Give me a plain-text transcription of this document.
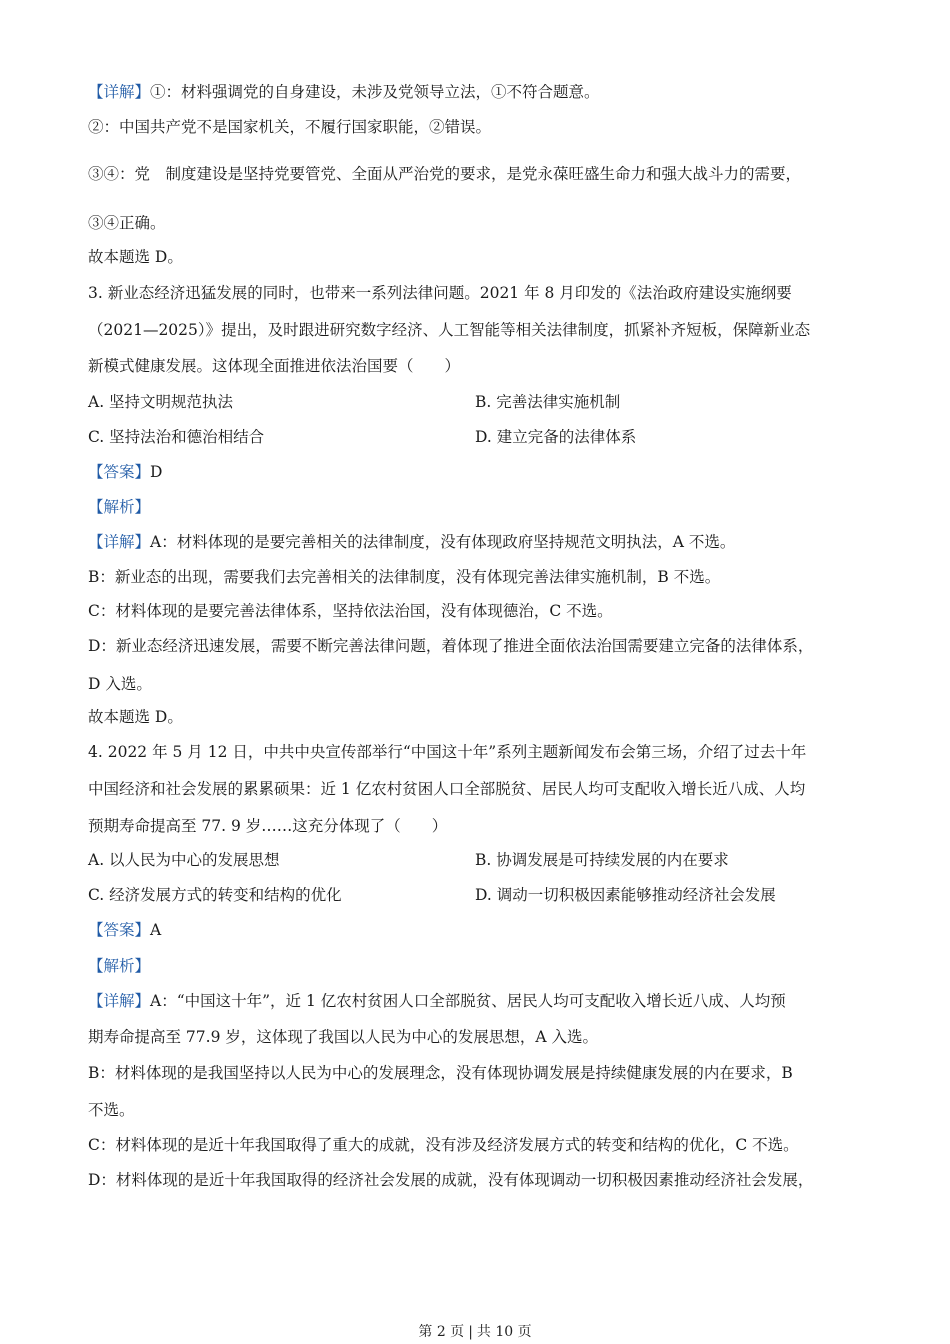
【详解】①：材料强调党的自身建设，未涉及党领导立法，①不符合题意。
②：中国共产党不是国家机关，不履行国家职能，②错误。
③④：党　制度建设是坚持党要管党、全面从严治党的要求，是党永葆旺盛生命力和强大战斗力的需要，
③④正确。
故本题选 D。
3. 新业态经济迅猛发展的同时，也带来一系列法律问题。2021 年 8 月印发的《法治政府建设实施纲要
（2021—2025）》提出，及时跟进研究数字经济、人工智能等相关法律制度，抓紧补齐短板，保障新业态
新模式健康发展。这体现全面推进依法治国要（　　）
A. 坚持文明规范执法	B. 完善法律实施机制
C. 坚持法治和德治相结合	D. 建立完备的法律体系
【答案】D
【解析】
【详解】A：材料体现的是要完善相关的法律制度，没有体现政府坚持规范文明执法，A 不选。
B：新业态的出现，需要我们去完善相关的法律制度，没有体现完善法律实施机制，B 不选。
C：材料体现的是要完善法律体系，坚持依法治国，没有体现德治，C 不选。
D：新业态经济迅速发展，需要不断完善法律问题，着体现了推进全面依法治国需要建立完备的法律体系，
D 入选。
故本题选 D。
4. 2022 年 5 月 12 日，中共中央宣传部举行“中国这十年”系列主题新闻发布会第三场，介绍了过去十年
中国经济和社会发展的累累硕果：近 1 亿农村贫困人口全部脱贫、居民人均可支配收入增长近八成、人均
预期寿命提高至 77. 9 岁……这充分体现了（　　）
A. 以人民为中心的发展思想	B. 协调发展是可持续发展的内在要求
C. 经济发展方式的转变和结构的优化	D. 调动一切积极因素能够推动经济社会发展
【答案】A
【解析】
【详解】A：“中国这十年”，近 1 亿农村贫困人口全部脱贫、居民人均可支配收入增长近八成、人均预
期寿命提高至 77.9 岁，这体现了我国以人民为中心的发展思想，A 入选。
B：材料体现的是我国坚持以人民为中心的发展理念，没有体现协调发展是持续健康发展的内在要求，B
不选。
C：材料体现的是近十年我国取得了重大的成就，没有涉及经济发展方式的转变和结构的优化，C 不选。
D：材料体现的是近十年我国取得的经济社会发展的成就，没有体现调动一切积极因素推动经济社会发展，
第 2 页 | 共 10 页
